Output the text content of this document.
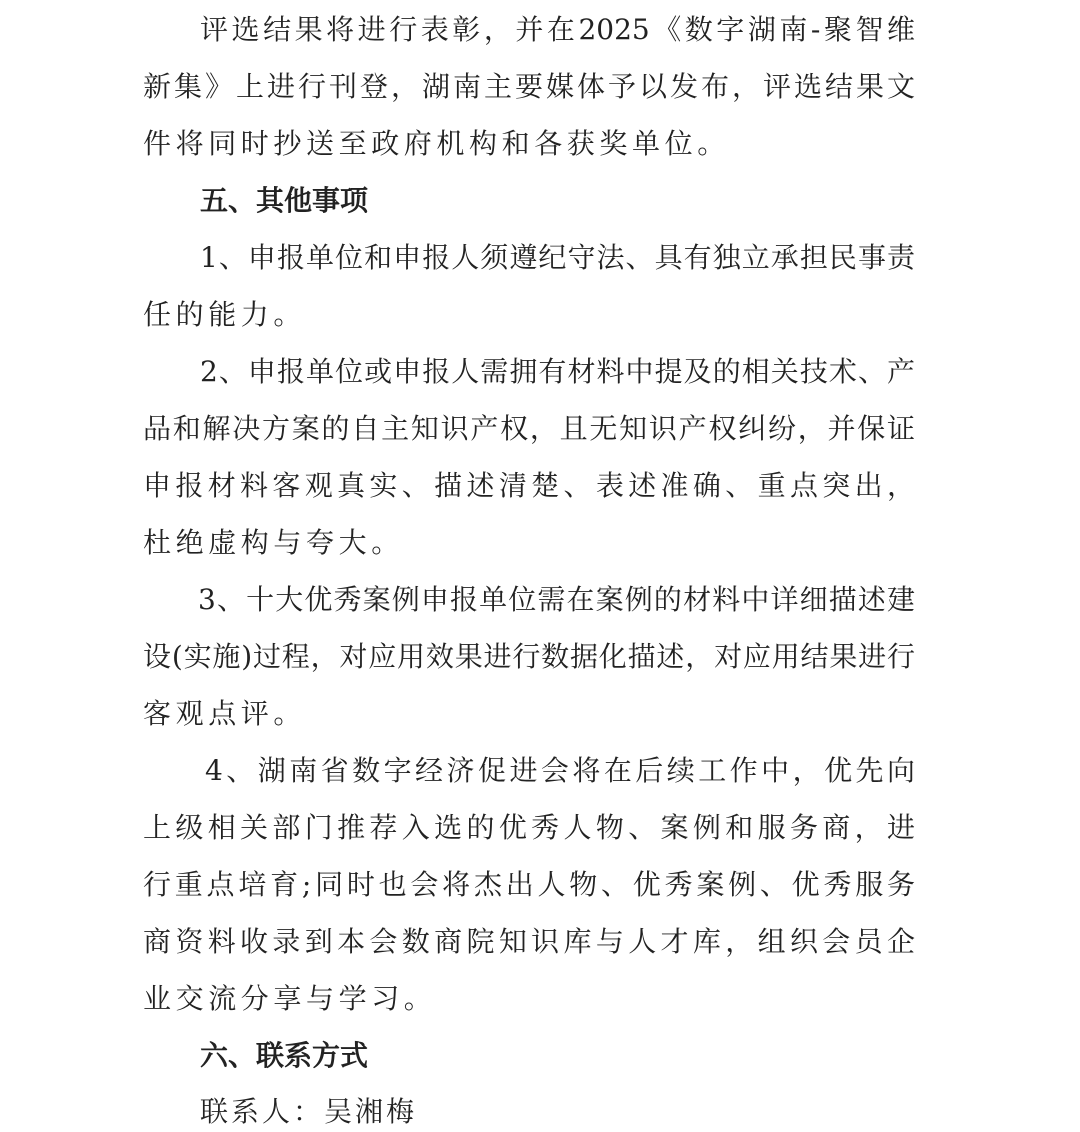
评选结果将进行表彰，并在2025《数字湖南-聚智维
新集》上进行刊登，湖南主要媒体予以发布，评选结果文
件将同时抄送至政府机构和各获奖单位。
五、其他事项
1、申报单位和申报人须遵纪守法、具有独立承担民事责
任的能力。
2、申报单位或申报人需拥有材料中提及的相关技术、产
品和解决方案的自主知识产权，且无知识产权纠纷，并保证
申报材料客观真实、描述清楚、表述准确、重点突出，
杜绝虚构与夸大。
3、十大优秀案例申报单位需在案例的材料中详细描述建
设(实施)过程，对应用效果进行数据化描述，对应用结果进行
客观点评。
4、湖南省数字经济促进会将在后续工作中，优先向
上级相关部门推荐入选的优秀人物、案例和服务商，进
行重点培育;同时也会将杰出人物、优秀案例、优秀服务
商资料收录到本会数商院知识库与人才库，组织会员企
业交流分享与学习。
六、联系方式
联系人：吴湘梅
